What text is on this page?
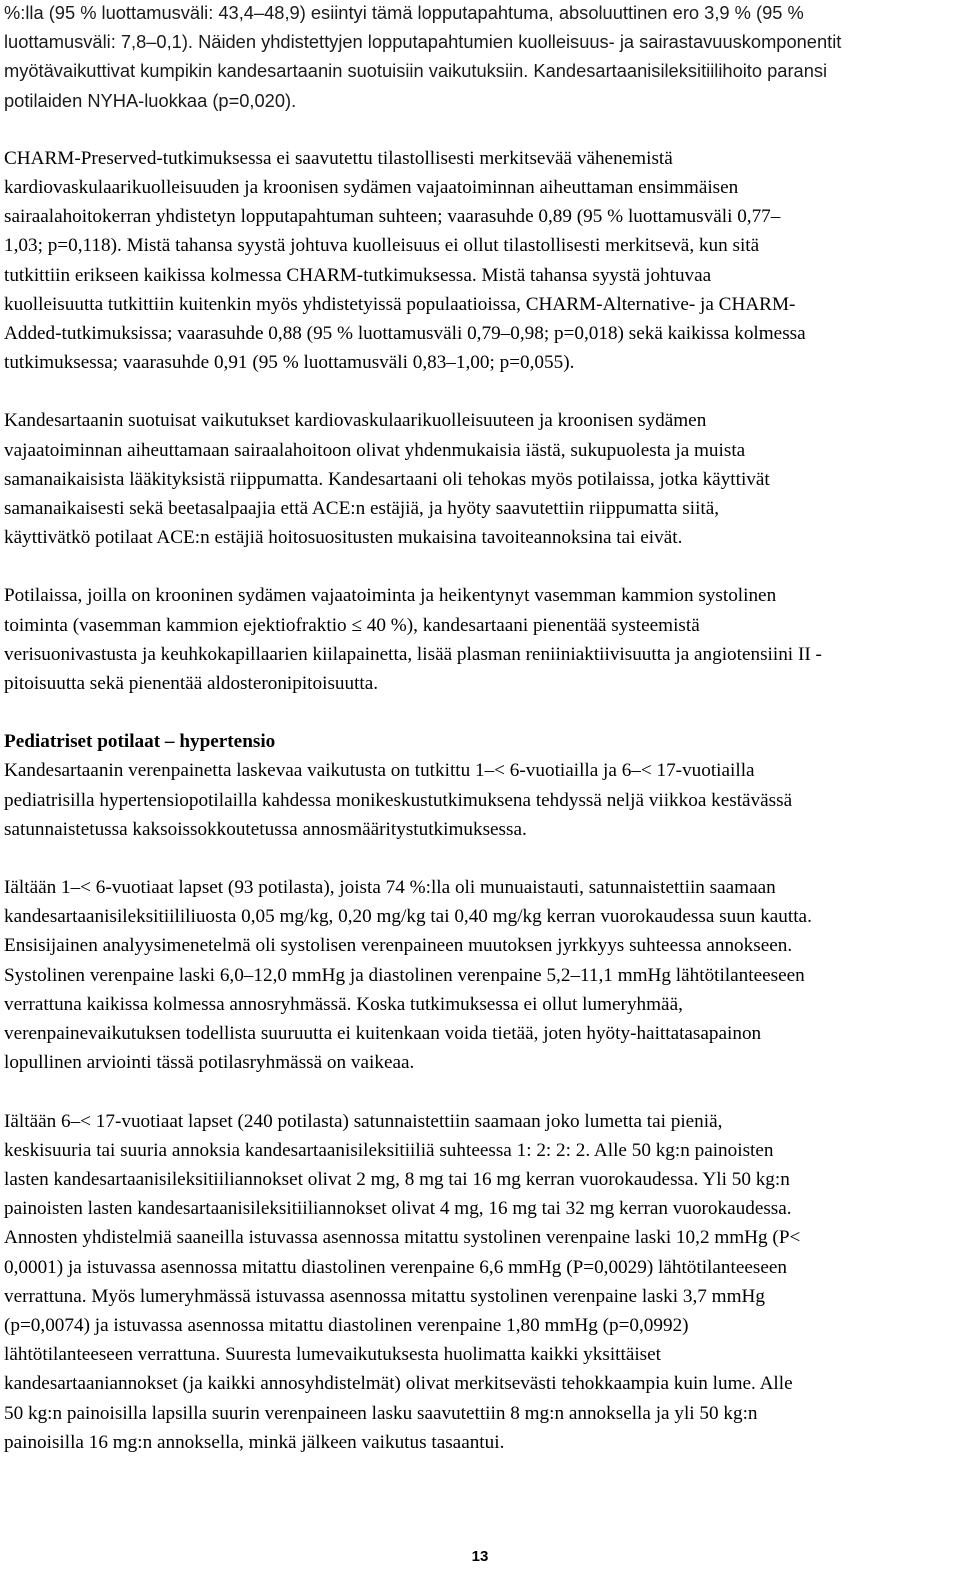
%:lla (95 % luottamusväli: 43,4–48,9) esiintyi tämä lopputapahtuma, absoluuttinen ero 3,9 % (95 %
luottamusväli: 7,8–0,1). Näiden yhdistettyjen lopputapahtumien kuolleisuus- ja sairastavuuskomponentit
myötävaikuttivat kumpikin kandesartaanin suotuisiin vaikutuksiin. Kandesartaanisileksitiilihoito paransi
potilaiden NYHA-luokkaa (p=0,020).
CHARM-Preserved-tutkimuksessa ei saavutettu tilastollisesti merkitsevää vähenemistä
kardiovaskulaarikuolleisuuden ja kroonisen sydämen vajaatoiminnan aiheuttaman ensimmäisen
sairaalahoitokerran yhdistetyn lopputapahtuman suhteen; vaarasuhde 0,89 (95 % luottamusväli 0,77–
1,03; p=0,118). Mistä tahansa syystä johtuva kuolleisuus ei ollut tilastollisesti merkitsevä, kun sitä
tutkittiin erikseen kaikissa kolmessa CHARM-tutkimuksessa. Mistä tahansa syystä johtuvaa
kuolleisuutta tutkittiin kuitenkin myös yhdistetyissä populaatioissa, CHARM-Alternative- ja CHARM-
Added-tutkimuksissa; vaarasuhde 0,88 (95 % luottamusväli 0,79–0,98; p=0,018) sekä kaikissa kolmessa
tutkimuksessa; vaarasuhde 0,91 (95 % luottamusväli 0,83–1,00; p=0,055).
Kandesartaanin suotuisat vaikutukset kardiovaskulaarikuolleisuuteen ja kroonisen sydämen
vajaatoiminnan aiheuttamaan sairaalahoitoon olivat yhdenmukaisia iästä, sukupuolesta ja muista
samanaikaisista lääkityksistä riippumatta. Kandesartaani oli tehokas myös potilaissa, jotka käyttivät
samanaikaisesti sekä beetasalpaajia että ACE:n estäjiä, ja hyöty saavutettiin riippumatta siitä,
käyttivätkö potilaat ACE:n estäjiä hoitosuositusten mukaisina tavoiteannoksina tai eivät.
Potilaissa, joilla on krooninen sydämen vajaatoiminta ja heikentynyt vasemman kammion systolinen
toiminta (vasemman kammion ejektiofraktio ≤ 40 %), kandesartaani pienentää systeemistä
verisuonivastusta ja keuhkokapillaarien kiilapainetta, lisää plasman reniiniaktiivisuutta ja angiotensiini II -
pitoisuutta sekä pienentää aldosteronipitoisuutta.
Pediatriset potilaat – hypertensio
Kandesartaanin verenpainetta laskevaa vaikutusta on tutkittu 1–< 6-vuotiailla ja 6–< 17-vuotiailla
pediatrisilla hypertensiopotilailla kahdessa monikeskustutkimuksena tehdyssä neljä viikkoa kestävässä
satunnaistetussa kaksoissokkoutetussa annosmääritystutkimuksessa.
Iältään 1–< 6-vuotiaat lapset (93 potilasta), joista 74 %:lla oli munuaistauti, satunnaistettiin saamaan
kandesartaanisileksitiililiuosta 0,05 mg/kg, 0,20 mg/kg tai 0,40 mg/kg kerran vuorokaudessa suun kautta.
Ensisijainen analyysimenetelmä oli systolisen verenpaineen muutoksen jyrkkyys suhteessa annokseen.
Systolinen verenpaine laski 6,0–12,0 mmHg ja diastolinen verenpaine 5,2–11,1 mmHg lähtötilanteeseen
verrattuna kaikissa kolmessa annosryhmässä. Koska tutkimuksessa ei ollut lumeryhmää,
verenpainevaikutuksen todellista suuruutta ei kuitenkaan voida tietää, joten hyöty-haittatasapainon
lopullinen arviointi tässä potilasryhmässä on vaikeaa.
Iältään 6–< 17-vuotiaat lapset (240 potilasta) satunnaistettiin saamaan joko lumetta tai pieniä,
keskisuuria tai suuria annoksia kandesartaanisileksitiiliä suhteessa 1: 2: 2: 2. Alle 50 kg:n painoisten
lasten kandesartaanisileksitiiliannokset olivat 2 mg, 8 mg tai 16 mg kerran vuorokaudessa. Yli 50 kg:n
painoisten lasten kandesartaanisileksitiiliannokset olivat 4 mg, 16 mg tai 32 mg kerran vuorokaudessa.
Annosten yhdistelmiä saaneilla istuvassa asennossa mitattu systolinen verenpaine laski 10,2 mmHg (P<
0,0001) ja istuvassa asennossa mitattu diastolinen verenpaine 6,6 mmHg (P=0,0029) lähtötilanteeseen
verrattuna. Myös lumeryhmässä istuvassa asennossa mitattu systolinen verenpaine laski 3,7 mmHg
(p=0,0074) ja istuvassa asennossa mitattu diastolinen verenpaine 1,80 mmHg (p=0,0992)
lähtötilanteeseen verrattuna. Suuresta lumevaikutuksesta huolimatta kaikki yksittäiset
kandesartaaniannokset (ja kaikki annosyhdistelmät) olivat merkitsevästi tehokkaampia kuin lume. Alle
50 kg:n painoisilla lapsilla suurin verenpaineen lasku saavutettiin 8 mg:n annoksella ja yli 50 kg:n
painoisilla 16 mg:n annoksella, minkä jälkeen vaikutus tasaantui.
13
